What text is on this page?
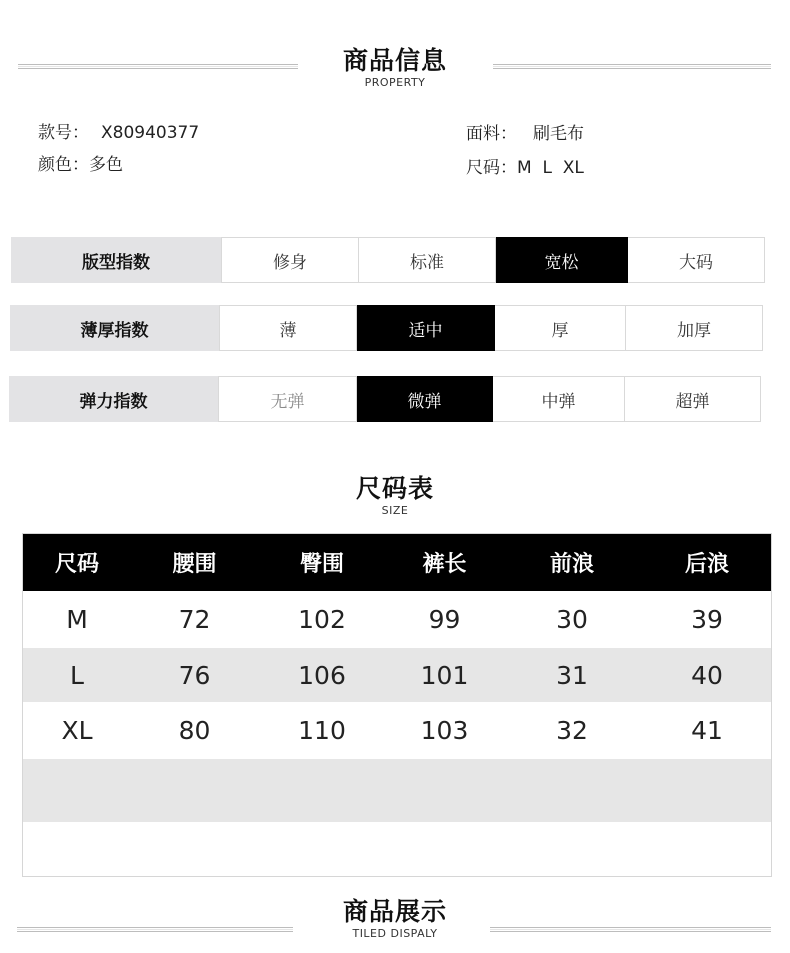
商品信息
PROPERTY
款号： X80940377	面料： 刷毛布
颜色：多色	尺码：M  L  XL
版型指数	修身	标准	宽松	大码
薄厚指数	薄	适中	厚	加厚
弹力指数	无弹	微弹	中弹	超弹
尺码表
SIZE
尺码	腰围	臀围	裤长	前浪	后浪
M	72	102	99	30	39
L	76	106	101	31	40
XL	80	110	103	32	41

商品展示
TILED DISPALY
